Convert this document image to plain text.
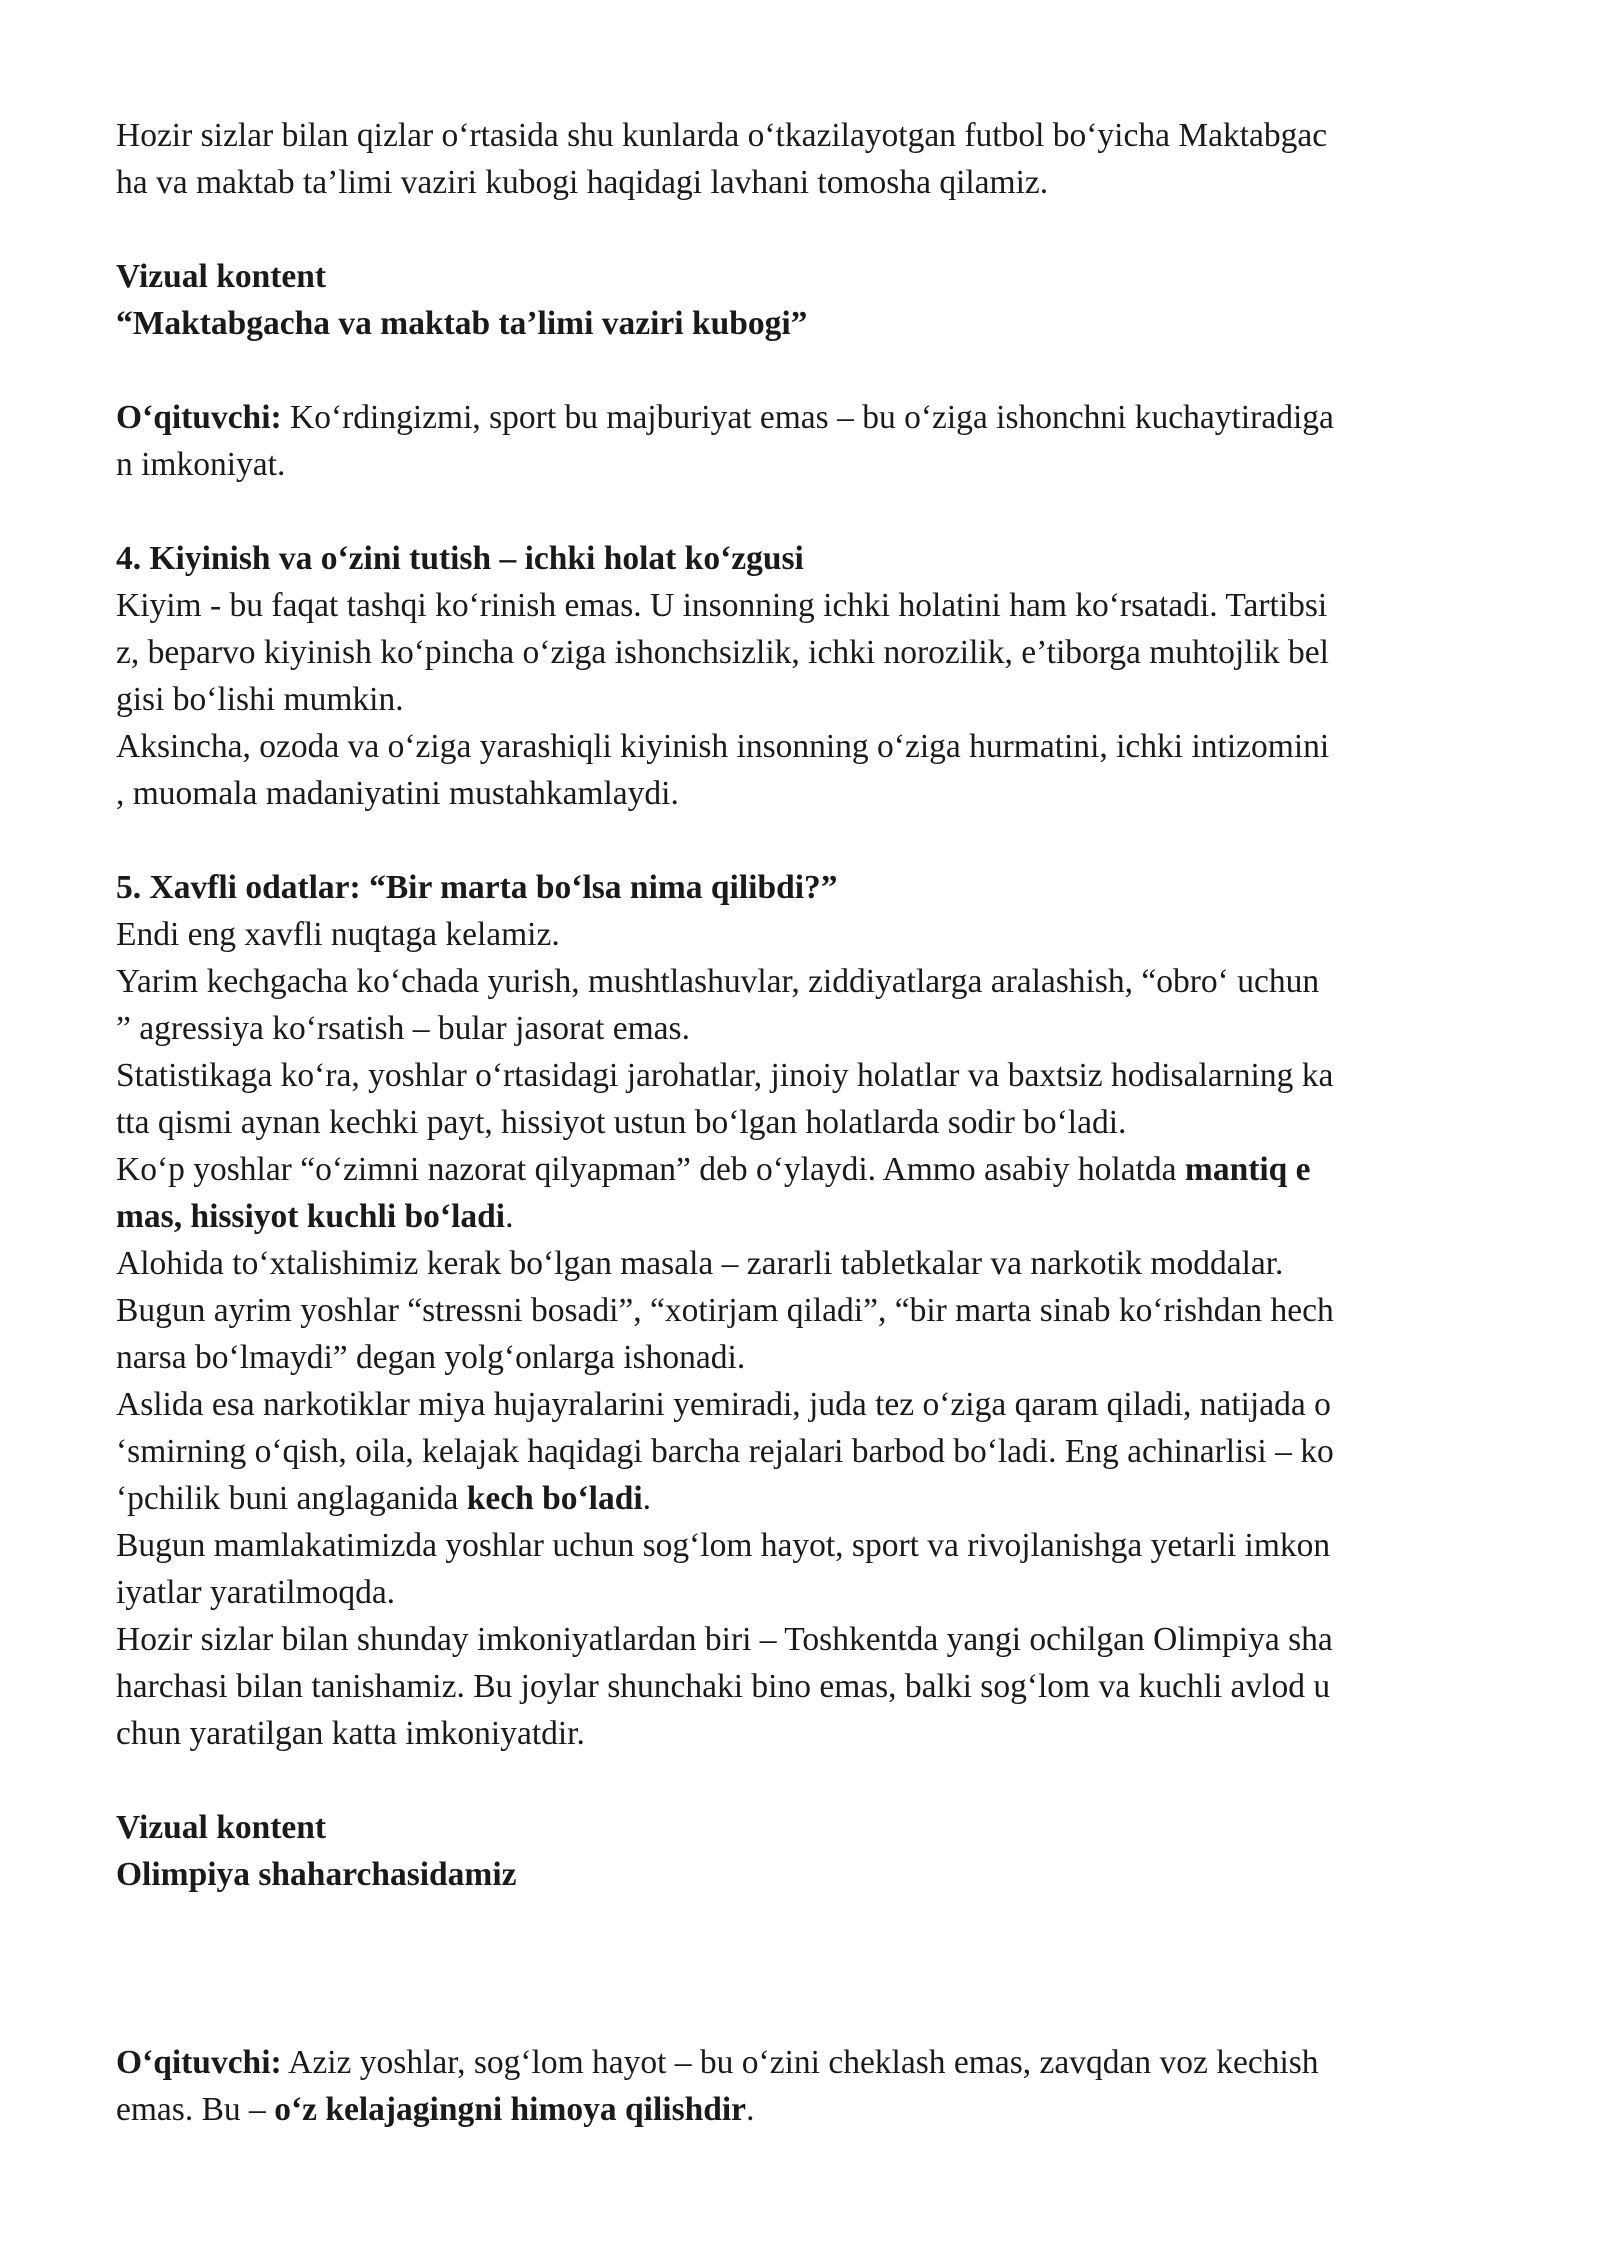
Hozir sizlar bilan qizlar o‘rtasida shu kunlarda o‘tkazilayotgan futbol bo‘yicha Maktabgac
ha va maktab ta’limi vaziri kubogi haqidagi lavhani tomosha qilamiz.

Vizual kontent

“Maktabgacha va maktab ta’limi vaziri kubogi”

O‘qituvchi: Ko‘rdingizmi, sport bu majburiyat emas – bu o‘ziga ishonchni kuchaytiradiga
n imkoniyat.

4. Kiyinish va o‘zini tutish – ichki holat ko‘zgusi

Kiyim - bu faqat tashqi ko‘rinish emas. U insonning ichki holatini ham ko‘rsatadi. Tartibsi
z, beparvo kiyinish ko‘pincha o‘ziga ishonchsizlik, ichki norozilik, e’tiborga muhtojlik bel
gisi bo‘lishi mumkin.

Aksincha, ozoda va o‘ziga yarashiqli kiyinish insonning o‘ziga hurmatini, ichki intizomini
, muomala madaniyatini mustahkamlaydi.

5. Xavfli odatlar: “Bir marta bo‘lsa nima qilibdi?”

Endi eng xavfli nuqtaga kelamiz.

Yarim kechgacha ko‘chada yurish, mushtlashuvlar, ziddiyatlarga aralashish, “obro‘ uchun
” agressiya ko‘rsatish – bular jasorat emas.

Statistikaga ko‘ra, yoshlar o‘rtasidagi jarohatlar, jinoiy holatlar va baxtsiz hodisalarning ka
tta qismi aynan kechki payt, hissiyot ustun bo‘lgan holatlarda sodir bo‘ladi.

Ko‘p yoshlar “o‘zimni nazorat qilyapman” deb o‘ylaydi. Ammo asabiy holatda mantiq e
mas, hissiyot kuchli bo‘ladi.

Alohida to‘xtalishimiz kerak bo‘lgan masala – zararli tabletkalar va narkotik moddalar.

Bugun ayrim yoshlar “stressni bosadi”, “xotirjam qiladi”, “bir marta sinab ko‘rishdan hech
narsa bo‘lmaydi” degan yolg‘onlarga ishonadi.

Aslida esa narkotiklar miya hujayralarini yemiradi, juda tez o‘ziga qaram qiladi, natijada o
‘smirning o‘qish, oila, kelajak haqidagi barcha rejalari barbod bo‘ladi. Eng achinarlisi – ko
‘pchilik buni anglaganida kech bo‘ladi.

Bugun mamlakatimizda yoshlar uchun sog‘lom hayot, sport va rivojlanishga yetarli imkon
iyatlar yaratilmoqda.

Hozir sizlar bilan shunday imkoniyatlardan biri – Toshkentda yangi ochilgan Olimpiya sha
harchasi bilan tanishamiz. Bu joylar shunchaki bino emas, balki sog‘lom va kuchli avlod u
chun yaratilgan katta imkoniyatdir.

Vizual kontent

Olimpiya shaharchasidamiz

O‘qituvchi: Aziz yoshlar, sog‘lom hayot – bu o‘zini cheklash emas, zavqdan voz kechish
emas. Bu – o‘z kelajagingni himoya qilishdir.
